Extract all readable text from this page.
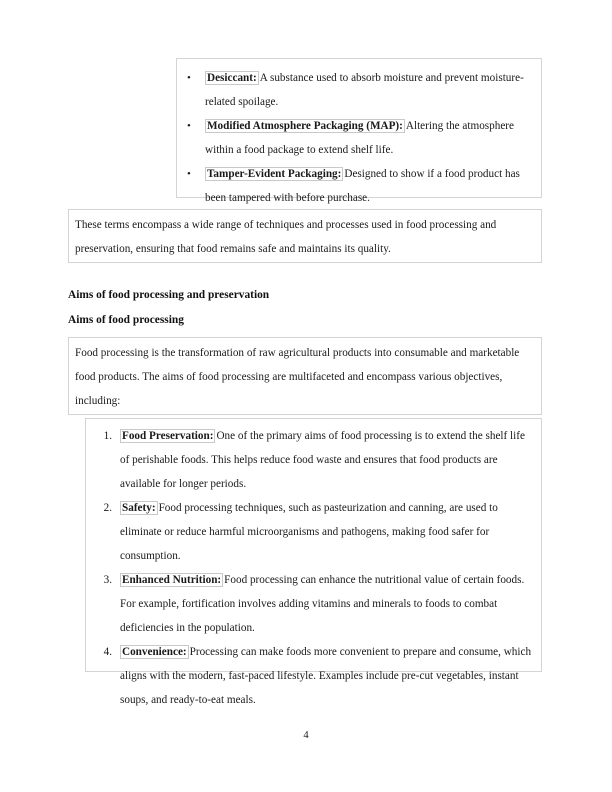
• Desiccant: A substance used to absorb moisture and prevent moisture-related spoilage.
• Modified Atmosphere Packaging (MAP): Altering the atmosphere within a food package to extend shelf life.
• Tamper-Evident Packaging: Designed to show if a food product has been tampered with before purchase.
These terms encompass a wide range of techniques and processes used in food processing and preservation, ensuring that food remains safe and maintains its quality.
Aims of food processing and preservation
Aims of food processing
Food processing is the transformation of raw agricultural products into consumable and marketable food products. The aims of food processing are multifaceted and encompass various objectives, including:
1. Food Preservation: One of the primary aims of food processing is to extend the shelf life of perishable foods. This helps reduce food waste and ensures that food products are available for longer periods.
2. Safety: Food processing techniques, such as pasteurization and canning, are used to eliminate or reduce harmful microorganisms and pathogens, making food safer for consumption.
3. Enhanced Nutrition: Food processing can enhance the nutritional value of certain foods. For example, fortification involves adding vitamins and minerals to foods to combat deficiencies in the population.
4. Convenience: Processing can make foods more convenient to prepare and consume, which aligns with the modern, fast-paced lifestyle. Examples include pre-cut vegetables, instant soups, and ready-to-eat meals.
4
